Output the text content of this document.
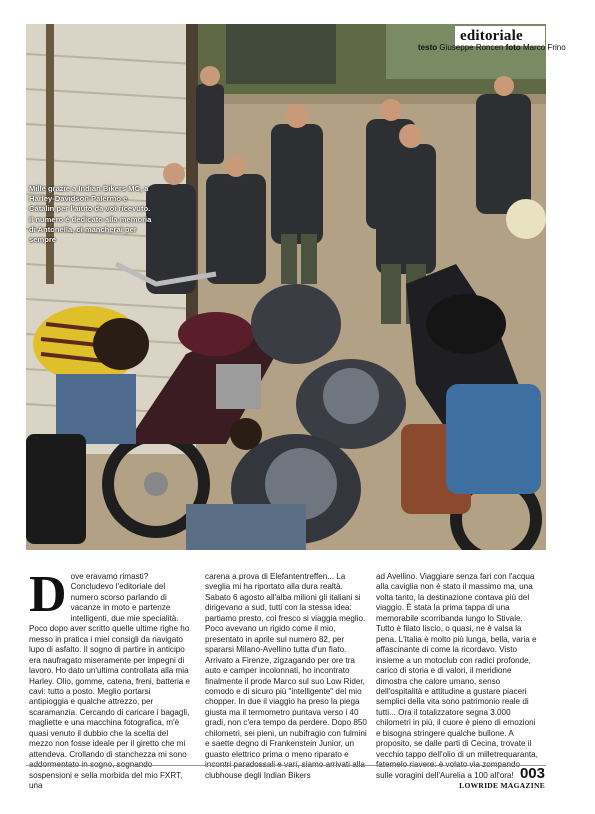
editoriale
testo Giuseppe Roncen foto Marco Frino
Mille grazie a Indian Bikers MC, a Harley-Davidson Palermo e Cătălin per l'aiuto da voi ricevuto. Il numero è dedicato alla memoria di Antonella, ci mancherai per sempre
D ove eravamo rimasti? Concludevo l'editoriale del numero scorso parlando di vacanze in moto e partenze intelligenti, due mie specialità. Poco dopo aver scritto quelle ultime righe ho messo in pratica i miei consigli da navigato lupo di asfalto. Il sogno di partire in anticipo era naufragato miseramente per impegni di lavoro. Ho dato un'ultima controllata alla mia Harley. Olio, gomme, catena, freni, batteria e cavi: tutto a posto. Meglio portarsi antipioggia e qualche attrezzo, per scaramanzia. Cercando di caricare i bagagli, magliette e una macchina fotografica, m'è quasi venuto il dubbio che la scelta del mezzo non fosse ideale per il giretto che mi attendeva. Crollando di stanchezza mi sono sospensioni e sella morbida del mio FXRT, una
carena a prova di Elefantentreffen... La sveglia mi ha riportato alla dura realtà. Sabato 6 agosto all'alba milioni gli italiani si dirigevano a sud, tutti con la stessa idea: partiamo presto, col fresco si viaggia meglio. Poco avevano un rigido come il mio, presentato in aprile sul numero 82, per spararsi Milano-Avellino tutta d'un fiato. Arrivato a Firenze, zigzagando per ore tra auto e camper incolonnati, ho incontrato finalmente il prode Marco sul suo Low Rider, comodo e di sicuro più "intelligente" del mio chopper. In due il viaggio ha preso la piega giusta ma il termometro puntava verso i 40 gradi, non c'era tempo da perdere. Dopo 850 chilometri, sei pieni, un nubifragio con fulmini e saette degno di Frankenstein Junior, un guasto elettrico prima o meno riparato e clubhouse degli Indian Bikers
ad Avellino. Viaggiare senza fari con l'acqua alla caviglia non è stato il massimo ma, una volta tanto, la destinazione contava più del viaggio. È stata la prima tappa di una memorabile scorribanda lungo lo Stivale. Tutto è filato liscio, o quasi, ne è valsa la pena. L'Italia è molto più lunga, bella, varia e affascinante di come la ricordavo. Visto insieme a un motoclub con radici profonde, carico di storia e di valori, il meridione dimostra che calore umano, senso dell'ospitalità e attitudine a gustare piaceri semplici della vita sono patrimonio reale di tutti... Ora il totalizzatore segna 3.000 chilometri in più, il cuore è pieno di emozioni e bisogna stringere qualche bullone. A proposito, se dalle parti di Cecina, trovate il vecchio tappo dell'olio di un milletrequaranta, sulle voragini dell'Aurelia a 100 all'ora! 003
LOWRIDE MAGAZINE
